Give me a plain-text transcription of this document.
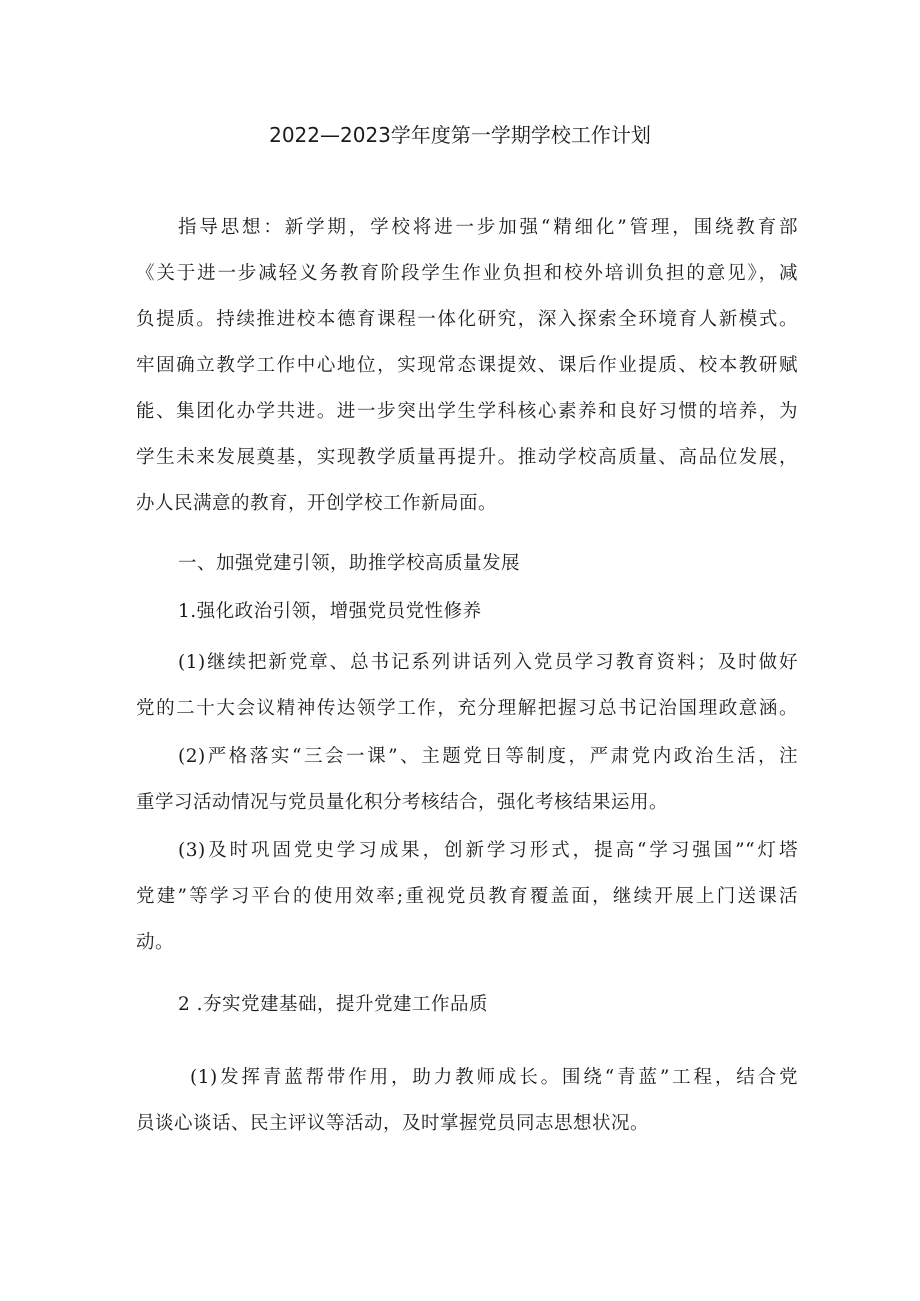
2022—2023学年度第一学期学校工作计划
指导思想：新学期，学校将进一步加强“精细化”管理，围绕教育部
《关于进一步减轻义务教育阶段学生作业负担和校外培训负担的意见》，减
负提质。持续推进校本德育课程一体化研究，深入探索全环境育人新模式。
牢固确立教学工作中心地位，实现常态课提效、课后作业提质、校本教研赋
能、集团化办学共进。进一步突出学生学科核心素养和良好习惯的培养，为
学生未来发展奠基，实现教学质量再提升。推动学校高质量、高品位发展，
办人民满意的教育，开创学校工作新局面。
一、加强党建引领，助推学校高质量发展
1.强化政治引领，增强党员党性修养
(1)继续把新党章、总书记系列讲话列入党员学习教育资料；及时做好
党的二十大会议精神传达领学工作，充分理解把握习总书记治国理政意涵。
(2)严格落实“三会一课”、主题党日等制度，严肃党内政治生活，注
重学习活动情况与党员量化积分考核结合，强化考核结果运用。
(3)及时巩固党史学习成果，创新学习形式，提高“学习强国”“灯塔
党建”等学习平台的使用效率;重视党员教育覆盖面，继续开展上门送课活
动。
2 .夯实党建基础，提升党建工作品质
(1)发挥青蓝帮带作用，助力教师成长。围绕“青蓝”工程，结合党
员谈心谈话、民主评议等活动，及时掌握党员同志思想状况。
